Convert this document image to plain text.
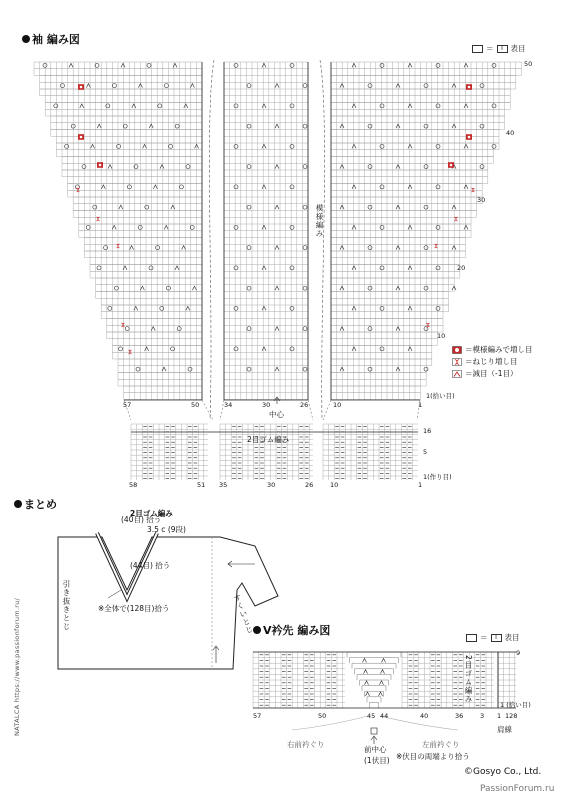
袖 編み図
まとめ
V衿先 編み図
＝	I	表目
＝模様編みで増し目
＝ねじり増し目
＝減目（-1目）
模様編み
50
40
30
20
10
1(拾い目)
16
5
1(作り目)
57	50	34	30	26	10	1
中心
2目ゴム編み
58	51 35	30	26	10	1
2目ゴム編み
(40目) 拾う
3.5 c (9段)
(44目) 拾う
※全体で(128目)拾う
引き抜きとじ	すくいとじ
＝	I	表目
2目ゴム編み
9
1 (拾い目)
57	50	45 44	40	36	3 1 128
肩線
右前衿ぐり	左前衿ぐり
前中心
(1伏目) ※伏目の両端より拾う
NATALCA https://www.passionforum.ru/
©Gosyo Co., Ltd.
PassionForum.ru
